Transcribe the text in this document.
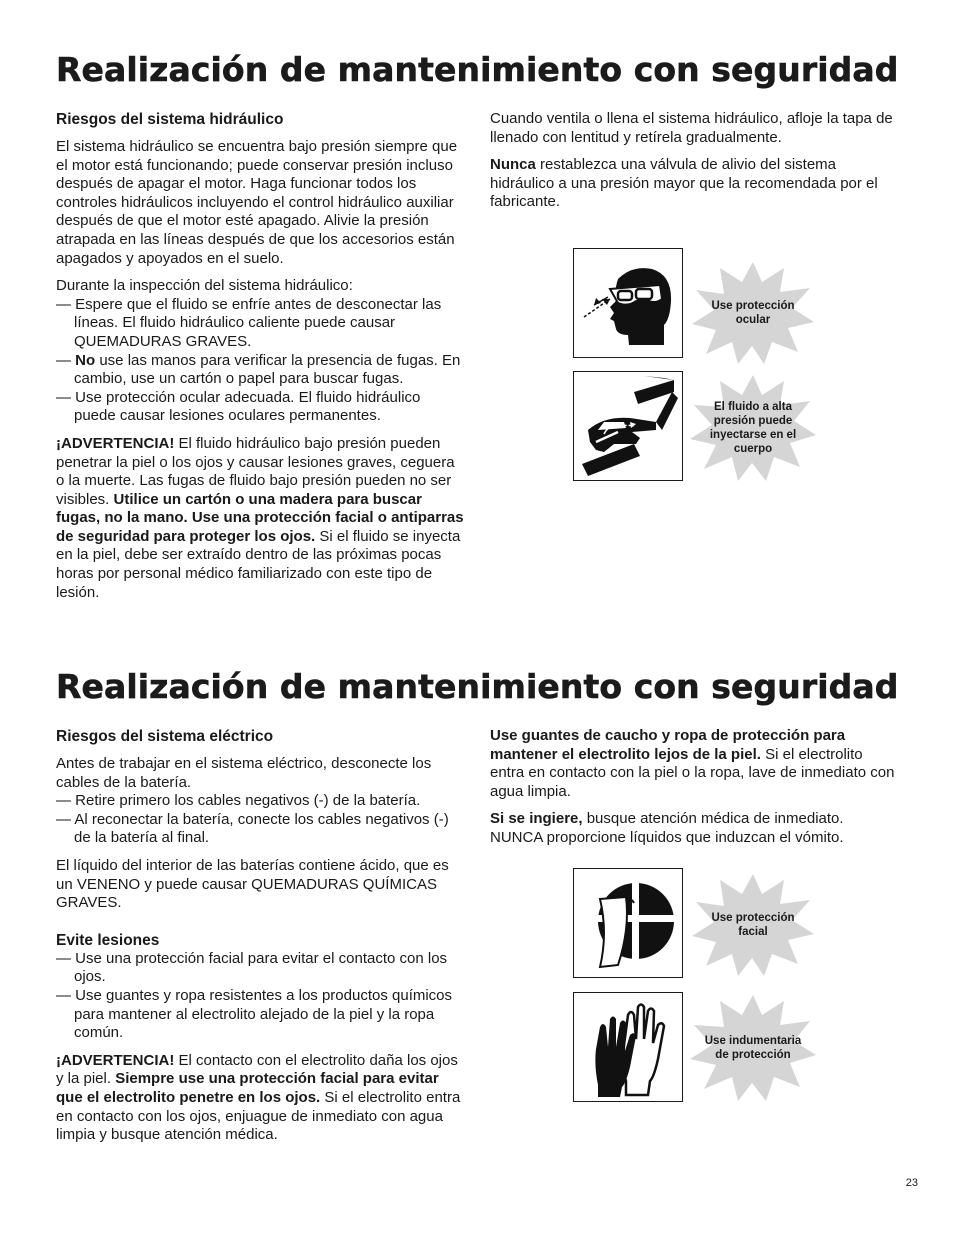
Realización de mantenimiento con seguridad
Riesgos del sistema hidráulico

El sistema hidráulico se encuentra bajo presión siempre que el motor está funcionando; puede conservar presión incluso después de apagar el motor. Haga funcionar todos los controles hidráulicos incluyendo el control hidráulico auxiliar después de que el motor esté apagado. Alivie la presión atrapada en las líneas después de que los accesorios están apagados y apoyados en el suelo.

Durante la inspección del sistema hidráulico:
— Espere que el fluido se enfríe antes de desconectar las líneas. El fluido hidráulico caliente puede causar QUEMADURAS GRAVES.
— No use las manos para verificar la presencia de fugas. En cambio, use un cartón o papel para buscar fugas.
— Use protección ocular adecuada. El fluido hidráulico puede causar lesiones oculares permanentes.

¡ADVERTENCIA! El fluido hidráulico bajo presión pueden penetrar la piel o los ojos y causar lesiones graves, ceguera o la muerte. Las fugas de fluido bajo presión pueden no ser visibles. Utilice un cartón o una madera para buscar fugas, no la mano. Use una protección facial o antiparras de seguridad para proteger los ojos. Si el fluido se inyecta en la piel, debe ser extraído dentro de las próximas pocas horas por personal médico familiarizado con este tipo de lesión.

Cuando ventila o llena el sistema hidráulico, afloje la tapa de llenado con lentitud y retírela gradualmente.

Nunca restablezca una válvula de alivio del sistema hidráulico a una presión mayor que la recomendada por el fabricante.

Use protección ocular
El fluido a alta presión puede inyectarse en el cuerpo
Realización de mantenimiento con seguridad
Riesgos del sistema eléctrico
Antes de trabajar en el sistema eléctrico, desconecte los cables de la batería.
— Retire primero los cables negativos (-) de la batería.
— Al reconectar la batería, conecte los cables negativos (-) de la batería al final.

El líquido del interior de las baterías contiene ácido, que es un VENENO y puede causar QUEMADURAS QUÍMICAS GRAVES.

Evite lesiones
— Use una protección facial para evitar el contacto con los ojos.
— Use guantes y ropa resistentes a los productos químicos para mantener al electrolito alejado de la piel y la ropa común.

¡ADVERTENCIA! El contacto con el electrolito daña los ojos y la piel. Siempre use una protección facial para evitar que el electrolito penetre en los ojos. Si el electrolito entra en contacto con los ojos, enjuague de inmediato con agua limpia y busque atención médica.

Use guantes de caucho y ropa de protección para mantener el electrolito lejos de la piel. Si el electrolito entra en contacto con la piel o la ropa, lave de inmediato con agua limpia.

Si se ingiere, busque atención médica de inmediato. NUNCA proporcione líquidos que induzcan el vómito.

Use protección facial
Use indumentaria de protección
23
